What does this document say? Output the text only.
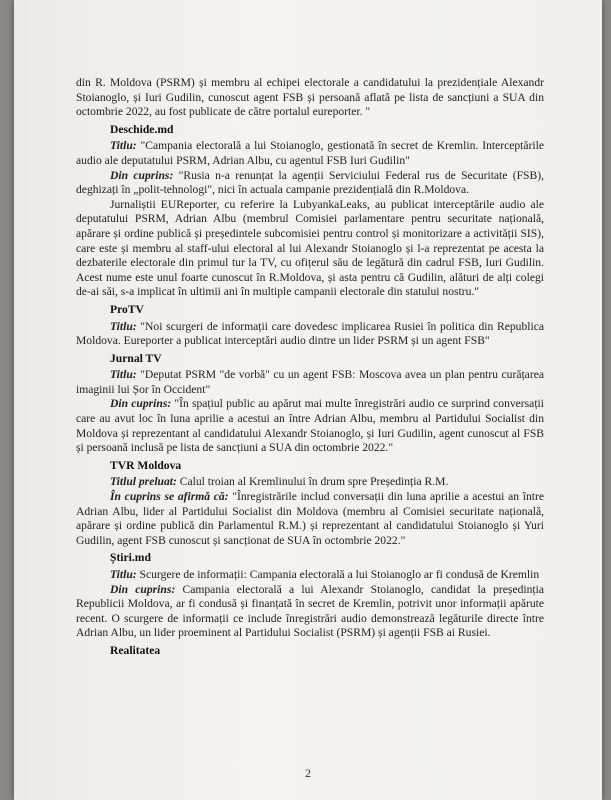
din R. Moldova (PSRM) și membru al echipei electorale a candidatului la prezidențiale Alexandr Stoianoglo, și Iuri Gudilin, cunoscut agent FSB și persoană aflată pe lista de sancțiuni a SUA din octombrie 2022, au fost publicate de către portalul eureporter. "

Deschide.md

Titlu: "Campania electorală a lui Stoianoglo, gestionată în secret de Kremlin. Interceptările audio ale deputatului PSRM, Adrian Albu, cu agentul FSB Iuri Gudilin"

Din cuprins: "Rusia n-a renunțat la agenții Serviciului Federal rus de Securitate (FSB), deghizați în „polit-tehnologi", nici în actuala campanie prezidențială din R.Moldova.

Jurnaliștii EUReporter, cu referire la LubyankaLeaks, au publicat interceptările audio ale deputatului PSRM, Adrian Albu (membrul Comisiei parlamentare pentru securitate națională, apărare și ordine publică și președintele subcomisiei pentru control și monitorizare a activității SIS), care este și membru al staff-ului electoral al lui Alexandr Stoianoglo și l-a reprezentat pe acesta la dezbaterile electorale din primul tur la TV, cu ofițerul său de legătură din cadrul FSB, Iuri Gudilin. Acest nume este unul foarte cunoscut în R.Moldova, și asta pentru că Gudilin, alături de alți colegi de-ai săi, s-a implicat în ultimii ani în multiple campanii electorale din statului nostru."

ProTV

Titlu: "Noi scurgeri de informații care dovedesc implicarea Rusiei în politica din Republica Moldova. Eureporter a publicat interceptări audio dintre un lider PSRM și un agent FSB"

Jurnal TV

Titlu: "Deputat PSRM "de vorbă" cu un agent FSB: Moscova avea un plan pentru curățarea imaginii lui Șor în Occident"

Din cuprins: "În spațiul public au apărut mai multe înregistrări audio ce surprind conversații care au avut loc în luna aprilie a acestui an între Adrian Albu, membru al Partidului Socialist din Moldova și reprezentant al candidatului Alexandr Stoianoglo, și Iuri Gudilin, agent cunoscut al FSB și persoană inclusă pe lista de sancțiuni a SUA din octombrie 2022."

TVR Moldova

Titlul preluat: Calul troian al Kremlinului în drum spre Președinția R.M.

În cuprins se afirmă că: "Înregistrările includ conversații din luna aprilie a acestui an între Adrian Albu, lider al Partidului Socialist din Moldova (membru al Comisiei securitate națională, apărare și ordine publică din Parlamentul R.M.) și reprezentant al candidatului Stoianoglo și Yuri Gudilin, agent FSB cunoscut și sancționat de SUA în octombrie 2022."

Știri.md

Titlu: Scurgere de informații: Campania electorală a lui Stoianoglo ar fi condusă de Kremlin

Din cuprins: Campania electorală a lui Alexandr Stoianoglo, candidat la președinția Republicii Moldova, ar fi condusă și finanțată în secret de Kremlin, potrivit unor informații apărute recent. O scurgere de informații ce include înregistrări audio demonstrează legăturile directe între Adrian Albu, un lider proeminent al Partidului Socialist (PSRM) și agenții FSB ai Rusiei.

Realitatea

2
